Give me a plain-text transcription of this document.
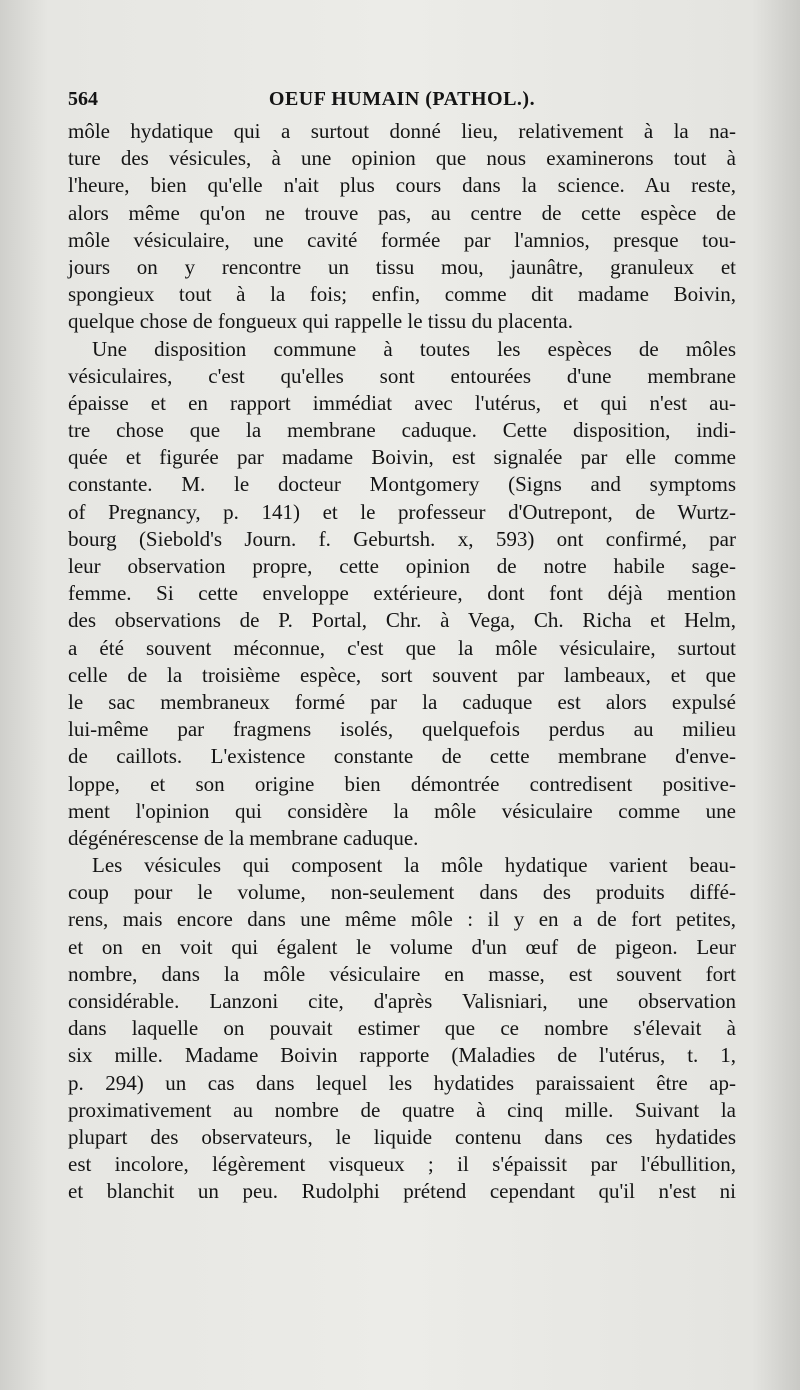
564	OEUF HUMAIN (PATHOL.).
môle hydatique qui a surtout donné lieu, relativement à la na-
ture des vésicules, à une opinion que nous examinerons tout à
l'heure, bien qu'elle n'ait plus cours dans la science. Au reste,
alors même qu'on ne trouve pas, au centre de cette espèce de
môle vésiculaire, une cavité formée par l'amnios, presque tou-
jours on y rencontre un tissu mou, jaunâtre, granuleux et
spongieux tout à la fois; enfin, comme dit madame Boivin,
quelque chose de fongueux qui rappelle le tissu du placenta.
Une disposition commune à toutes les espèces de môles
vésiculaires, c'est qu'elles sont entourées d'une membrane
épaisse et en rapport immédiat avec l'utérus, et qui n'est au-
tre chose que la membrane caduque. Cette disposition, indi-
quée et figurée par madame Boivin, est signalée par elle comme
constante. M. le docteur Montgomery (Signs and symptoms
of Pregnancy, p. 141) et le professeur d'Outrepont, de Wurtz-
bourg (Siebold's Journ. f. Geburtsh. x, 593) ont confirmé, par
leur observation propre, cette opinion de notre habile sage-
femme. Si cette enveloppe extérieure, dont font déjà mention
des observations de P. Portal, Chr. à Vega, Ch. Richa et Helm,
a été souvent méconnue, c'est que la môle vésiculaire, surtout
celle de la troisième espèce, sort souvent par lambeaux, et que
le sac membraneux formé par la caduque est alors expulsé
lui-même par fragmens isolés, quelquefois perdus au milieu
de caillots. L'existence constante de cette membrane d'enve-
loppe, et son origine bien démontrée contredisent positive-
ment l'opinion qui considère la môle vésiculaire comme une
dégénérescense de la membrane caduque.
Les vésicules qui composent la môle hydatique varient beau-
coup pour le volume, non-seulement dans des produits diffé-
rens, mais encore dans une même môle : il y en a de fort petites,
et on en voit qui égalent le volume d'un œuf de pigeon. Leur
nombre, dans la môle vésiculaire en masse, est souvent fort
considérable. Lanzoni cite, d'après Valisniari, une observation
dans laquelle on pouvait estimer que ce nombre s'élevait à
six mille. Madame Boivin rapporte (Maladies de l'utérus, t. 1,
p. 294) un cas dans lequel les hydatides paraissaient être ap-
proximativement au nombre de quatre à cinq mille. Suivant la
plupart des observateurs, le liquide contenu dans ces hydatides
est incolore, légèrement visqueux ; il s'épaissit par l'ébullition,
et blanchit un peu. Rudolphi prétend cependant qu'il n'est ni
